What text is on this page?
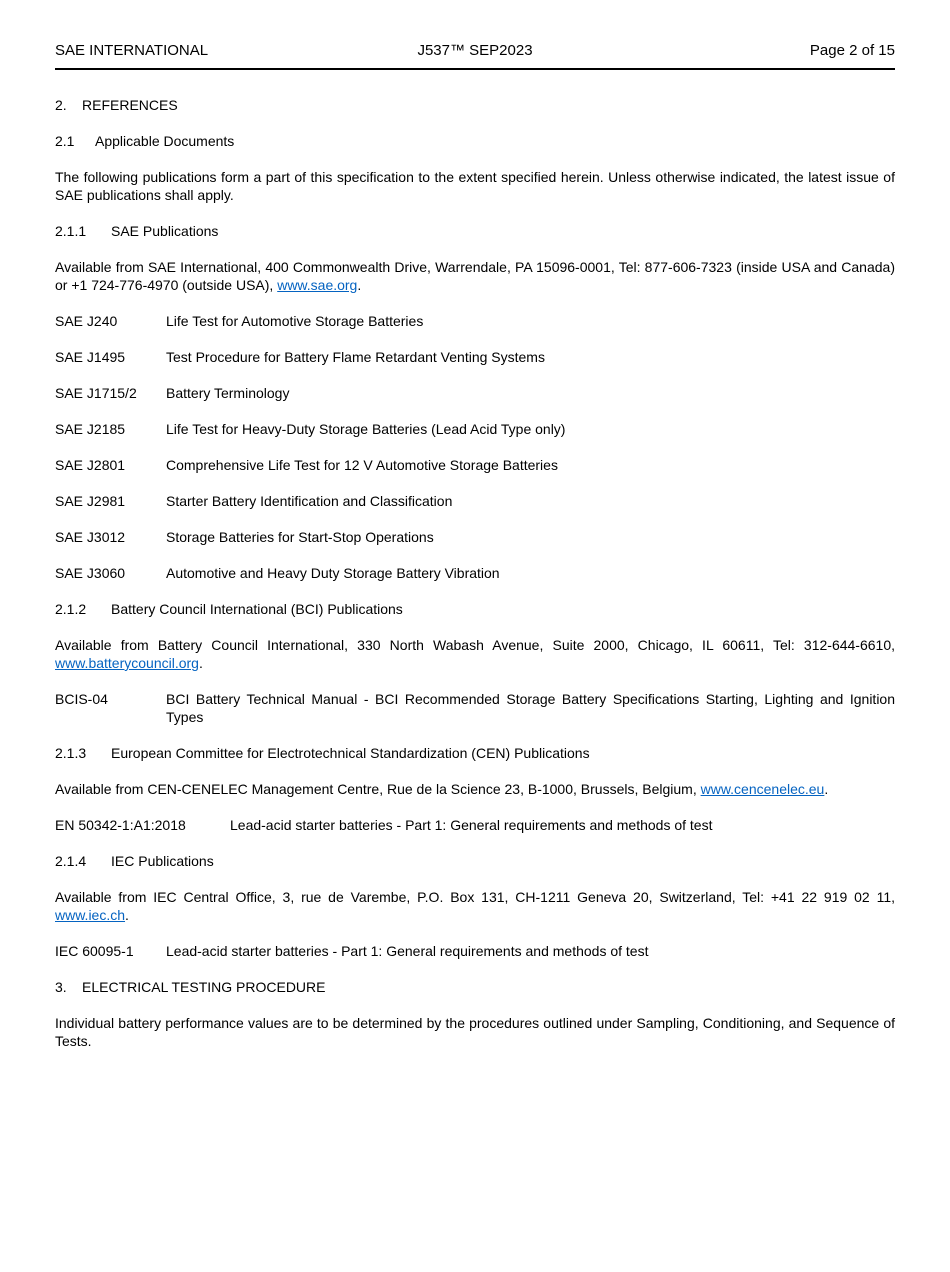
SAE INTERNATIONAL	J537™ SEP2023	Page 2 of 15
2. REFERENCES
2.1 Applicable Documents

The following publications form a part of this specification to the extent specified herein. Unless otherwise indicated, the latest issue of SAE publications shall apply.

2.1.1 SAE Publications

Available from SAE International, 400 Commonwealth Drive, Warrendale, PA 15096-0001, Tel: 877-606-7323 (inside USA and Canada) or +1 724-776-4970 (outside USA), www.sae.org.

SAE J240	Life Test for Automotive Storage Batteries
SAE J1495	Test Procedure for Battery Flame Retardant Venting Systems
SAE J1715/2	Battery Terminology
SAE J2185	Life Test for Heavy-Duty Storage Batteries (Lead Acid Type only)
SAE J2801	Comprehensive Life Test for 12 V Automotive Storage Batteries
SAE J2981	Starter Battery Identification and Classification
SAE J3012	Storage Batteries for Start-Stop Operations
SAE J3060	Automotive and Heavy Duty Storage Battery Vibration
2.1.2 Battery Council International (BCI) Publications

Available from Battery Council International, 330 North Wabash Avenue, Suite 2000, Chicago, IL 60611, Tel: 312-644-6610, www.batterycouncil.org.

BCIS-04	BCI Battery Technical Manual - BCI Recommended Storage Battery Specifications Starting, Lighting and Ignition Types
2.1.3 European Committee for Electrotechnical Standardization (CEN) Publications

Available from CEN-CENELEC Management Centre, Rue de la Science 23, B-1000, Brussels, Belgium, www.cencenelec.eu.

EN 50342-1:A1:2018	Lead-acid starter batteries - Part 1: General requirements and methods of test
2.1.4 IEC Publications

Available from IEC Central Office, 3, rue de Varembe, P.O. Box 131, CH-1211 Geneva 20, Switzerland, Tel: +41 22 919 02 11, www.iec.ch.

IEC 60095-1	Lead-acid starter batteries - Part 1: General requirements and methods of test
3. ELECTRICAL TESTING PROCEDURE

Individual battery performance values are to be determined by the procedures outlined under Sampling, Conditioning, and Sequence of Tests.
